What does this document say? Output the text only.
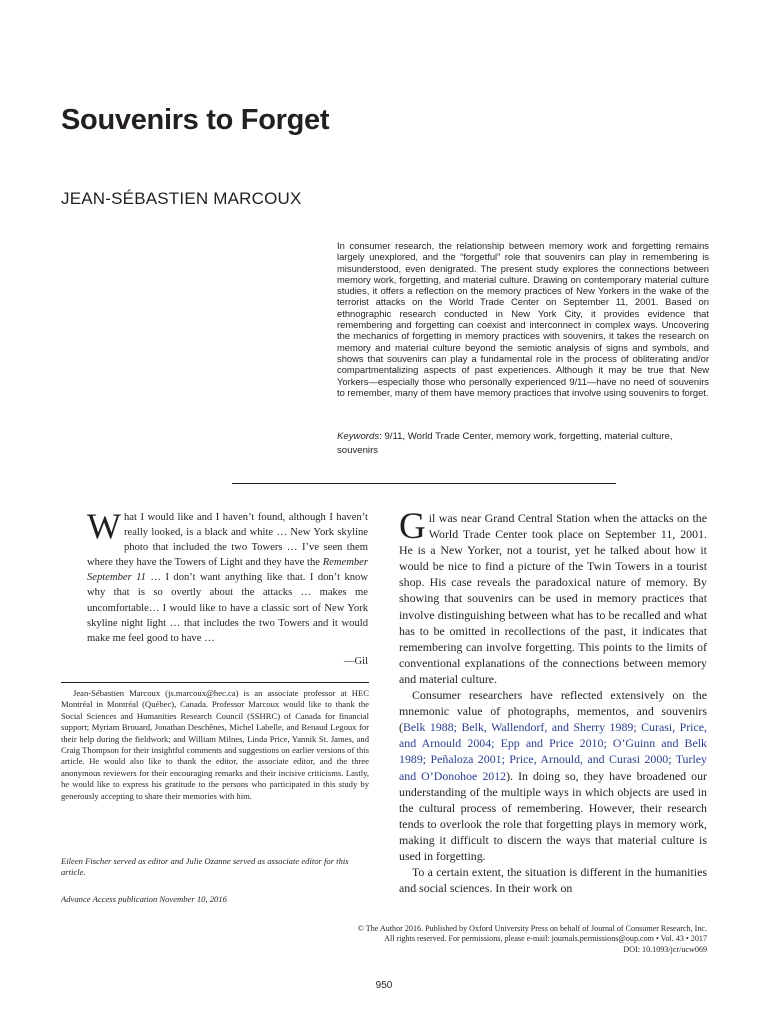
Souvenirs to Forget

JEAN-SÉBASTIEN MARCOUX

In consumer research, the relationship between memory work and forgetting remains largely unexplored, and the “forgetful” role that souvenirs can play in remembering is misunderstood, even denigrated. The present study explores the connections between memory work, forgetting, and material culture. Drawing on contemporary material culture studies, it offers a reflection on the memory practices of New Yorkers in the wake of the terrorist attacks on the World Trade Center on September 11, 2001. Based on ethnographic research conducted in New York City, it provides evidence that remembering and forgetting can coexist and interconnect in complex ways. Uncovering the mechanics of forgetting in memory practices with souvenirs, it takes the research on memory and material culture beyond the semiotic analysis of signs and symbols, and shows that souvenirs can play a fundamental role in the process of obliterating and/or compartmentalizing aspects of past experiences. Although it may be true that New Yorkers—especially those who personally experienced 9/11—have no need of souvenirs to remember, many of them have memory practices that involve using souvenirs to forget.

Keywords: 9/11, World Trade Center, memory work, forgetting, material culture, souvenirs

What I would like and I haven’t found, although I haven’t really looked, is a black and white … New York skyline photo that included the two Towers … I’ve seen them where they have the Towers of Light and they have the Remember September 11 … I don’t want anything like that. I don’t know why that is so overtly about the attacks … makes me uncomfortable… I would like to have a classic sort of New York skyline night light … that includes the two Towers and it would make me feel good to have …

—Gil

Jean-Sébastien Marcoux (js.marcoux@hec.ca) is an associate professor at HEC Montréal in Montréal (Québec), Canada. Professor Marcoux would like to thank the Social Sciences and Humanities Research Council (SSHRC) of Canada for financial support; Myriam Brouard, Jonathan Deschênes, Michel Labelle, and Renaud Legoux for their help during the fieldwork; and William Milnes, Linda Price, Yannik St. James, and Craig Thompson for their insightful comments and suggestions on earlier versions of this article. He would also like to thank the editor, the associate editor, and the three anonymous reviewers for their encouraging remarks and their incisive criticisms. Lastly, he would like to express his gratitude to the persons who participated in this study by generously accepting to share their memories with him.

Eileen Fischer served as editor and Julie Ozanne served as associate editor for this article.

Advance Access publication November 10, 2016

Gil was near Grand Central Station when the attacks on the World Trade Center took place on September 11, 2001. He is a New Yorker, not a tourist, yet he talked about how it would be nice to find a picture of the Twin Towers in a tourist shop. His case reveals the paradoxical nature of memory. By showing that souvenirs can be used in memory practices that involve distinguishing between what has to be recalled and what has to be omitted in recollections of the past, it indicates that remembering can involve forgetting. This points to the limits of conventional explanations of the connections between memory and material culture.

Consumer researchers have reflected extensively on the mnemonic value of photographs, mementos, and souvenirs (Belk 1988; Belk, Wallendorf, and Sherry 1989; Curasi, Price, and Arnould 2004; Epp and Price 2010; O’Guinn and Belk 1989; Peñaloza 2001; Price, Arnould, and Curasi 2000; Turley and O’Donohoe 2012). In doing so, they have broadened our understanding of the multiple ways in which objects are used in the cultural process of remembering. However, their research tends to overlook the role that forgetting plays in memory work, making it difficult to discern the ways that material culture is used in forgetting.

To a certain extent, the situation is different in the humanities and social sciences. In their work on

© The Author 2016. Published by Oxford University Press on behalf of Journal of Consumer Research, Inc.
All rights reserved. For permissions, please e-mail: journals.permissions@oup.com • Vol. 43 • 2017
DOI: 10.1093/jcr/ucw069

950
